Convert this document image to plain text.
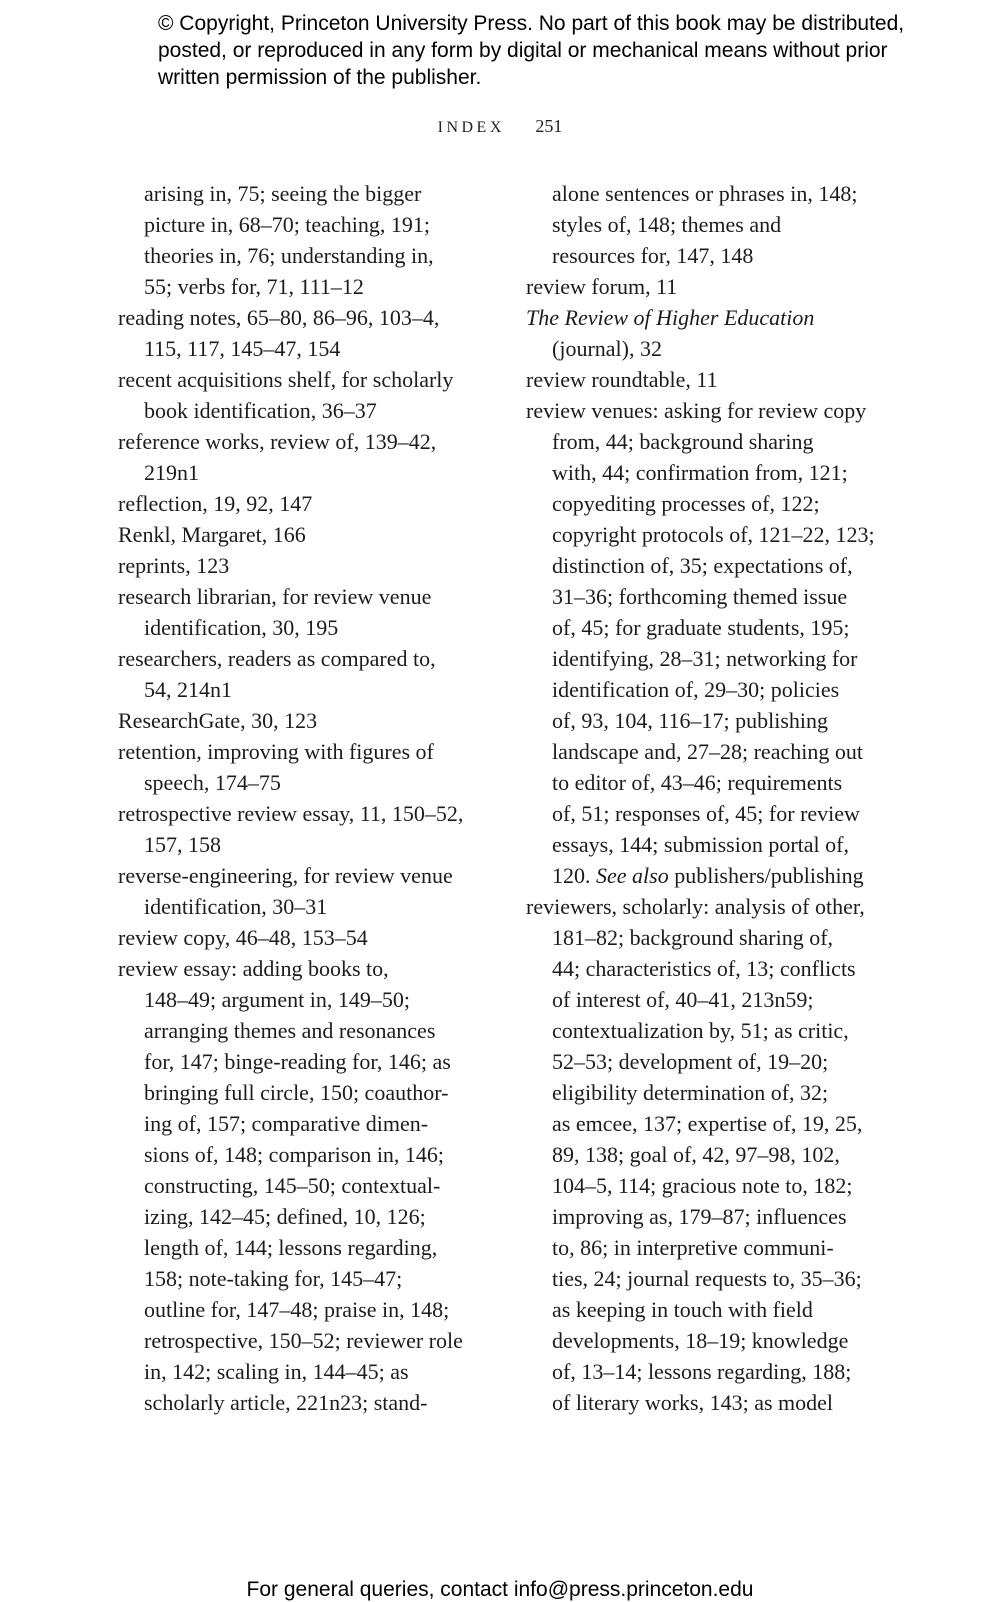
© Copyright, Princeton University Press. No part of this book may be distributed, posted, or reproduced in any form by digital or mechanical means without prior written permission of the publisher.

INDEX 251
arising in, 75; seeing the bigger
picture in, 68–70; teaching, 191;
theories in, 76; understanding in,
55; verbs for, 71, 111–12
reading notes, 65–80, 86–96, 103–4,
115, 117, 145–47, 154
recent acquisitions shelf, for scholarly
book identification, 36–37
reference works, review of, 139–42,
219n1
reflection, 19, 92, 147
Renkl, Margaret, 166
reprints, 123
research librarian, for review venue
identification, 30, 195
researchers, readers as compared to,
54, 214n1
ResearchGate, 30, 123
retention, improving with figures of
speech, 174–75
retrospective review essay, 11, 150–52,
157, 158
reverse-engineering, for review venue
identification, 30–31
review copy, 46–48, 153–54
review essay: adding books to,
148–49; argument in, 149–50;
arranging themes and resonances
for, 147; binge-reading for, 146; as
bringing full circle, 150; coauthor-
ing of, 157; comparative dimen-
sions of, 148; comparison in, 146;
constructing, 145–50; contextual-
izing, 142–45; defined, 10, 126;
length of, 144; lessons regarding,
158; note-taking for, 145–47;
outline for, 147–48; praise in, 148;
retrospective, 150–52; reviewer role
in, 142; scaling in, 144–45; as
scholarly article, 221n23; stand-
alone sentences or phrases in, 148;
styles of, 148; themes and
resources for, 147, 148
review forum, 11
The Review of Higher Education
(journal), 32
review roundtable, 11
review venues: asking for review copy
from, 44; background sharing
with, 44; confirmation from, 121;
copyediting processes of, 122;
copyright protocols of, 121–22, 123;
distinction of, 35; expectations of,
31–36; forthcoming themed issue
of, 45; for graduate students, 195;
identifying, 28–31; networking for
identification of, 29–30; policies
of, 93, 104, 116–17; publishing
landscape and, 27–28; reaching out
to editor of, 43–46; requirements
of, 51; responses of, 45; for review
essays, 144; submission portal of,
120. See also publishers/publishing
reviewers, scholarly: analysis of other,
181–82; background sharing of,
44; characteristics of, 13; conflicts
of interest of, 40–41, 213n59;
contextualization by, 51; as critic,
52–53; development of, 19–20;
eligibility determination of, 32;
as emcee, 137; expertise of, 19, 25,
89, 138; goal of, 42, 97–98, 102,
104–5, 114; gracious note to, 182;
improving as, 179–87; influences
to, 86; in interpretive communi-
ties, 24; journal requests to, 35–36;
as keeping in touch with field
developments, 18–19; knowledge
of, 13–14; lessons regarding, 188;
of literary works, 143; as model
For general queries, contact info@press.princeton.edu
